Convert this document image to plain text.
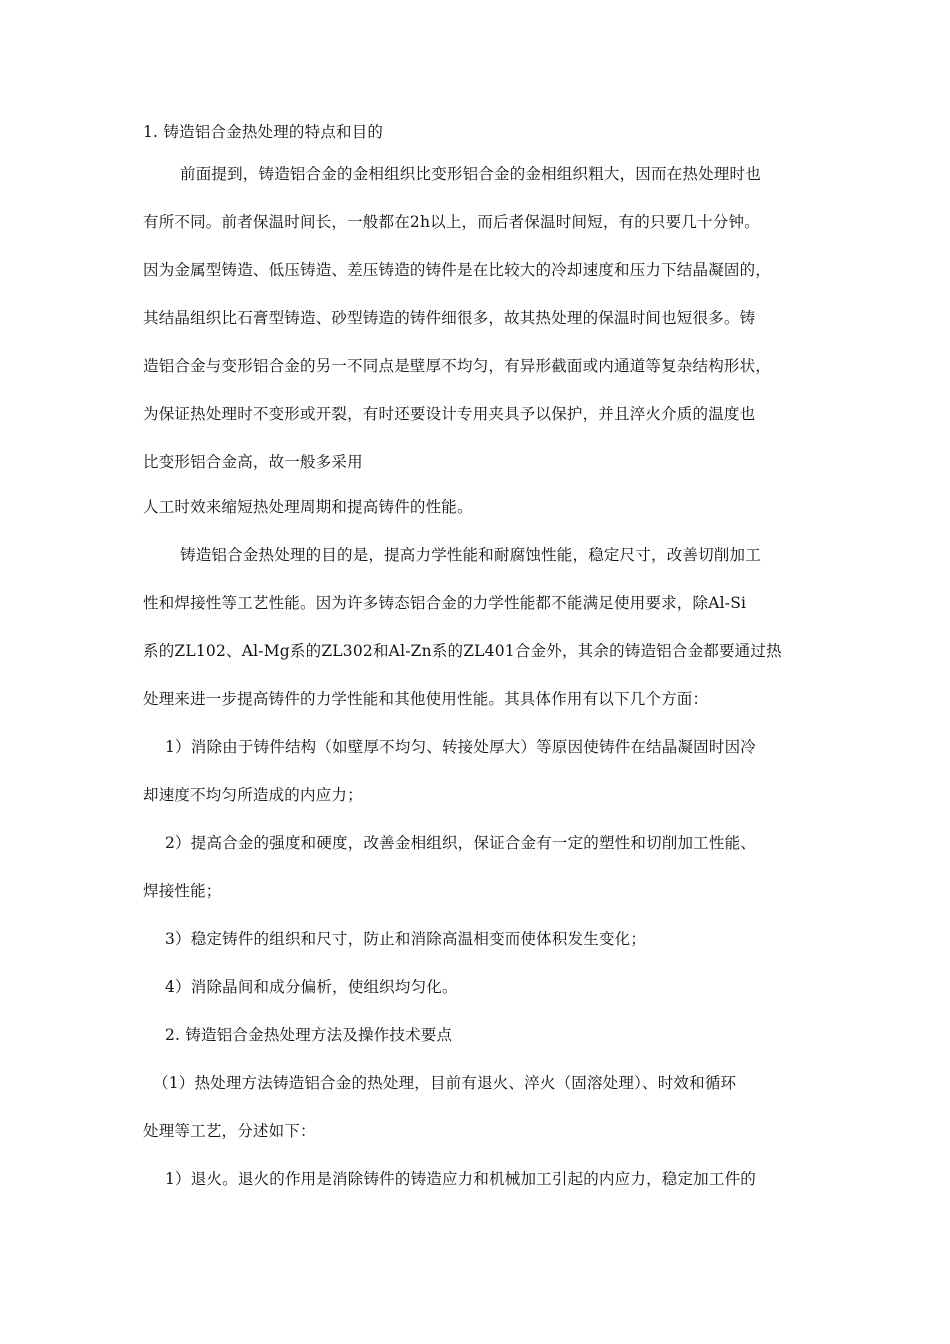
1. 铸造铝合金热处理的特点和目的
前面提到，铸造铝合金的金相组织比变形铝合金的金相组织粗大，因而在热处理时也
有所不同。前者保温时间长，一般都在2h以上，而后者保温时间短，有的只要几十分钟。
因为金属型铸造、低压铸造、差压铸造的铸件是在比较大的冷却速度和压力下结晶凝固的，
其结晶组织比石膏型铸造、砂型铸造的铸件细很多，故其热处理的保温时间也短很多。铸
造铝合金与变形铝合金的另一不同点是壁厚不均匀，有异形截面或内通道等复杂结构形状，
为保证热处理时不变形或开裂，有时还要设计专用夹具予以保护，并且淬火介质的温度也
比变形铝合金高，故一般多采用
人工时效来缩短热处理周期和提高铸件的性能。
铸造铝合金热处理的目的是，提高力学性能和耐腐蚀性能，稳定尺寸，改善切削加工
性和焊接性等工艺性能。因为许多铸态铝合金的力学性能都不能满足使用要求，除Al-Si
系的ZL102、Al-Mg系的ZL302和Al-Zn系的ZL401合金外，其余的铸造铝合金都要通过热
处理来进一步提高铸件的力学性能和其他使用性能。其具体作用有以下几个方面：
1）消除由于铸件结构（如壁厚不均匀、转接处厚大）等原因使铸件在结晶凝固时因冷
却速度不均匀所造成的内应力；
2）提高合金的强度和硬度，改善金相组织，保证合金有一定的塑性和切削加工性能、
焊接性能；
3）稳定铸件的组织和尺寸，防止和消除高温相变而使体积发生变化；
4）消除晶间和成分偏析，使组织均匀化。
2. 铸造铝合金热处理方法及操作技术要点
（1）热处理方法铸造铝合金的热处理，目前有退火、淬火（固溶处理）、时效和循环
处理等工艺，分述如下：
1）退火。退火的作用是消除铸件的铸造应力和机械加工引起的内应力，稳定加工件的
